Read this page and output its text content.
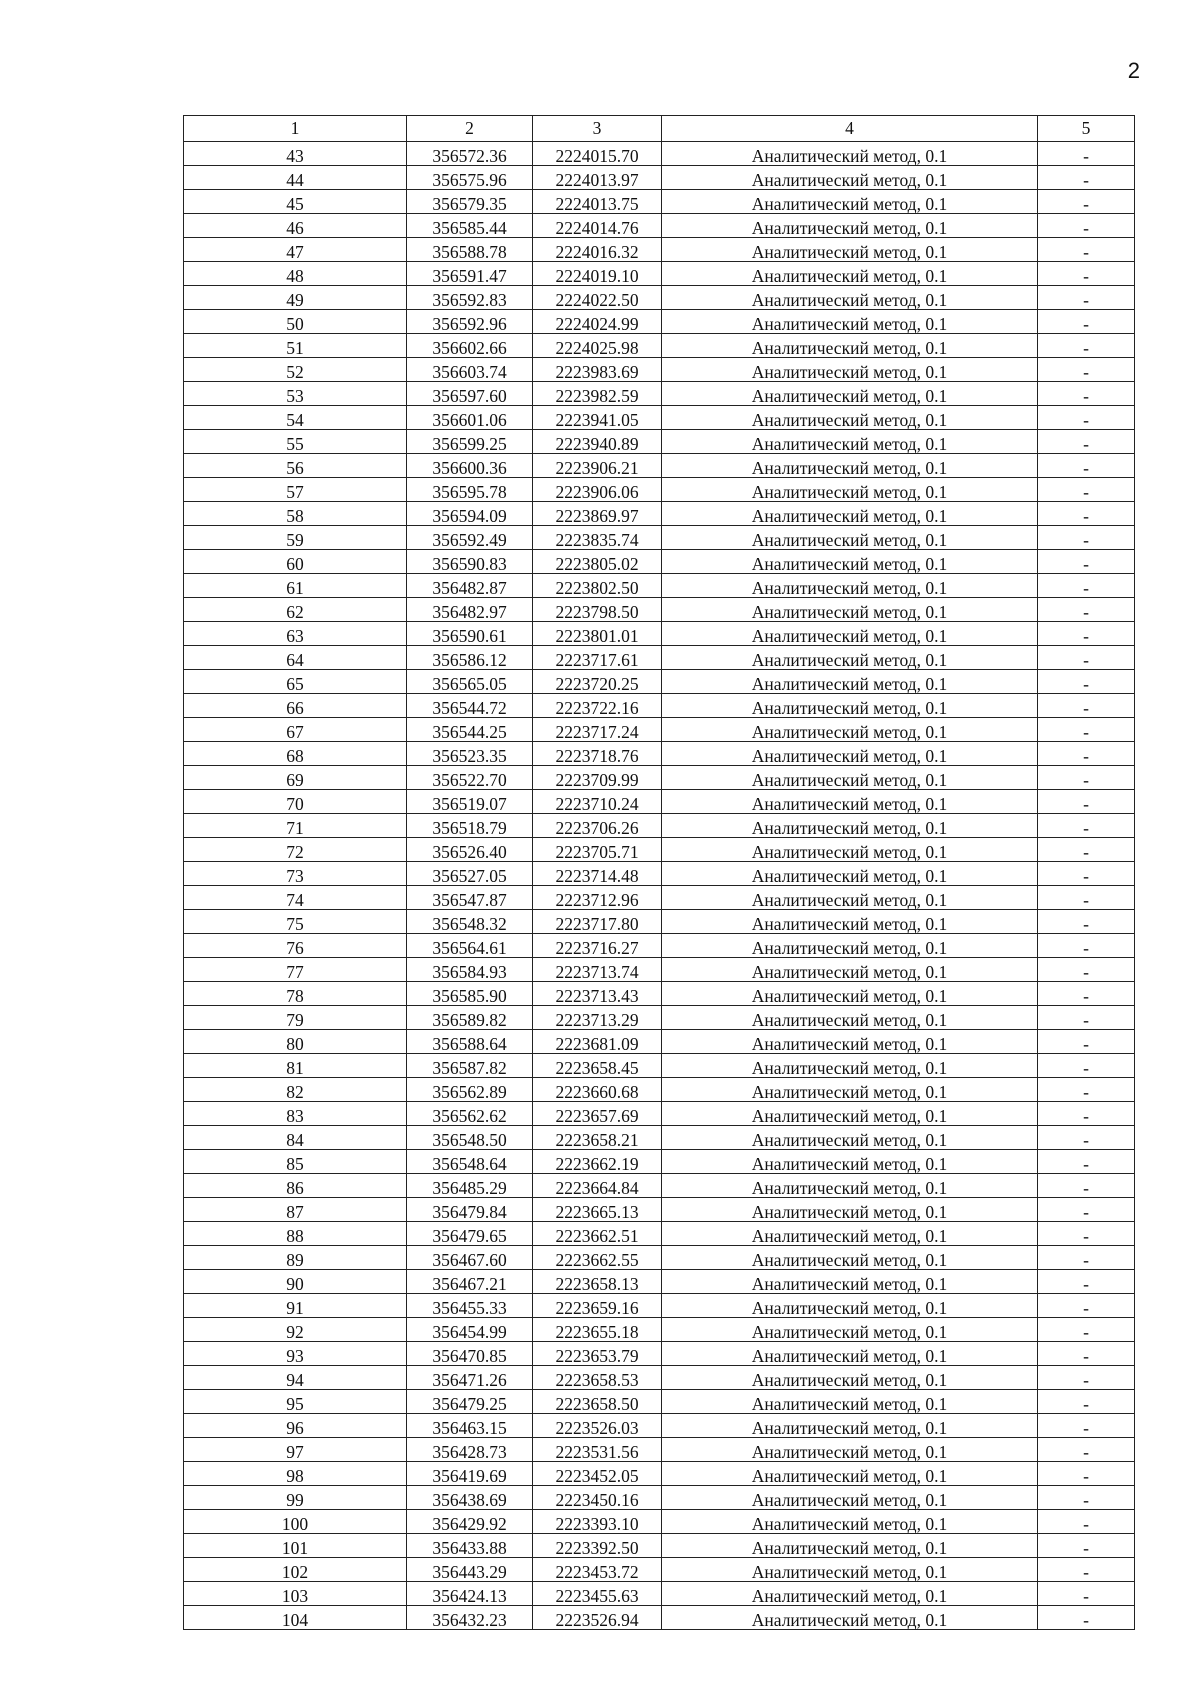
2
1	2	3	4	5
43	356572.36	2224015.70	Аналитический метод, 0.1	-
44	356575.96	2224013.97	Аналитический метод, 0.1	-
45	356579.35	2224013.75	Аналитический метод, 0.1	-
46	356585.44	2224014.76	Аналитический метод, 0.1	-
47	356588.78	2224016.32	Аналитический метод, 0.1	-
48	356591.47	2224019.10	Аналитический метод, 0.1	-
49	356592.83	2224022.50	Аналитический метод, 0.1	-
50	356592.96	2224024.99	Аналитический метод, 0.1	-
51	356602.66	2224025.98	Аналитический метод, 0.1	-
52	356603.74	2223983.69	Аналитический метод, 0.1	-
53	356597.60	2223982.59	Аналитический метод, 0.1	-
54	356601.06	2223941.05	Аналитический метод, 0.1	-
55	356599.25	2223940.89	Аналитический метод, 0.1	-
56	356600.36	2223906.21	Аналитический метод, 0.1	-
57	356595.78	2223906.06	Аналитический метод, 0.1	-
58	356594.09	2223869.97	Аналитический метод, 0.1	-
59	356592.49	2223835.74	Аналитический метод, 0.1	-
60	356590.83	2223805.02	Аналитический метод, 0.1	-
61	356482.87	2223802.50	Аналитический метод, 0.1	-
62	356482.97	2223798.50	Аналитический метод, 0.1	-
63	356590.61	2223801.01	Аналитический метод, 0.1	-
64	356586.12	2223717.61	Аналитический метод, 0.1	-
65	356565.05	2223720.25	Аналитический метод, 0.1	-
66	356544.72	2223722.16	Аналитический метод, 0.1	-
67	356544.25	2223717.24	Аналитический метод, 0.1	-
68	356523.35	2223718.76	Аналитический метод, 0.1	-
69	356522.70	2223709.99	Аналитический метод, 0.1	-
70	356519.07	2223710.24	Аналитический метод, 0.1	-
71	356518.79	2223706.26	Аналитический метод, 0.1	-
72	356526.40	2223705.71	Аналитический метод, 0.1	-
73	356527.05	2223714.48	Аналитический метод, 0.1	-
74	356547.87	2223712.96	Аналитический метод, 0.1	-
75	356548.32	2223717.80	Аналитический метод, 0.1	-
76	356564.61	2223716.27	Аналитический метод, 0.1	-
77	356584.93	2223713.74	Аналитический метод, 0.1	-
78	356585.90	2223713.43	Аналитический метод, 0.1	-
79	356589.82	2223713.29	Аналитический метод, 0.1	-
80	356588.64	2223681.09	Аналитический метод, 0.1	-
81	356587.82	2223658.45	Аналитический метод, 0.1	-
82	356562.89	2223660.68	Аналитический метод, 0.1	-
83	356562.62	2223657.69	Аналитический метод, 0.1	-
84	356548.50	2223658.21	Аналитический метод, 0.1	-
85	356548.64	2223662.19	Аналитический метод, 0.1	-
86	356485.29	2223664.84	Аналитический метод, 0.1	-
87	356479.84	2223665.13	Аналитический метод, 0.1	-
88	356479.65	2223662.51	Аналитический метод, 0.1	-
89	356467.60	2223662.55	Аналитический метод, 0.1	-
90	356467.21	2223658.13	Аналитический метод, 0.1	-
91	356455.33	2223659.16	Аналитический метод, 0.1	-
92	356454.99	2223655.18	Аналитический метод, 0.1	-
93	356470.85	2223653.79	Аналитический метод, 0.1	-
94	356471.26	2223658.53	Аналитический метод, 0.1	-
95	356479.25	2223658.50	Аналитический метод, 0.1	-
96	356463.15	2223526.03	Аналитический метод, 0.1	-
97	356428.73	2223531.56	Аналитический метод, 0.1	-
98	356419.69	2223452.05	Аналитический метод, 0.1	-
99	356438.69	2223450.16	Аналитический метод, 0.1	-
100	356429.92	2223393.10	Аналитический метод, 0.1	-
101	356433.88	2223392.50	Аналитический метод, 0.1	-
102	356443.29	2223453.72	Аналитический метод, 0.1	-
103	356424.13	2223455.63	Аналитический метод, 0.1	-
104	356432.23	2223526.94	Аналитический метод, 0.1	-
